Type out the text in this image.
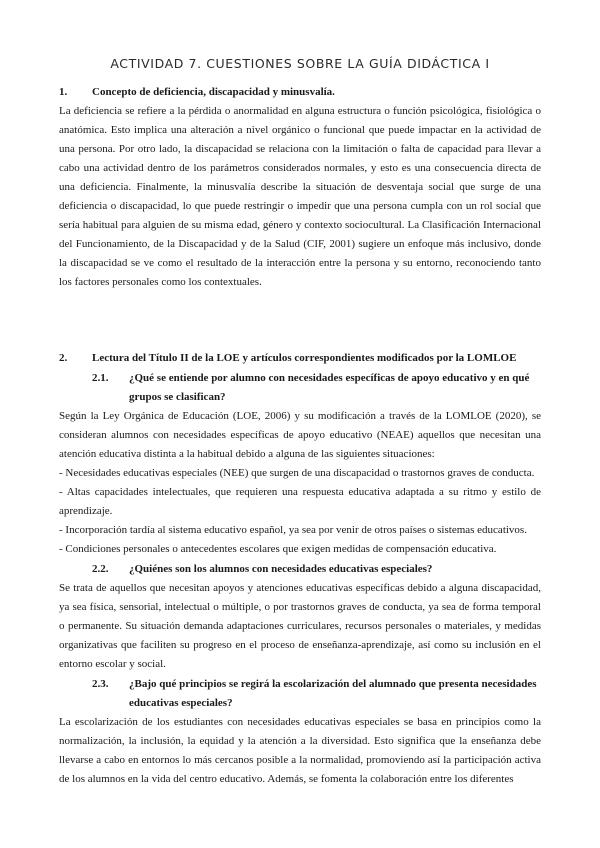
ACTIVIDAD 7. CUESTIONES SOBRE LA GUÍA DIDÁCTICA I
1.	Concepto de deficiencia, discapacidad y minusvalía.

La deficiencia se refiere a la pérdida o anormalidad en alguna estructura o función psicológica, fisiológica o anatómica. Esto implica una alteración a nivel orgánico o funcional que puede impactar en la actividad de una persona. Por otro lado, la discapacidad se relaciona con la limitación o falta de capacidad para llevar a cabo una actividad dentro de los parámetros considerados normales, y esto es una consecuencia directa de una deficiencia. Finalmente, la minusvalía describe la situación de desventaja social que surge de una deficiencia o discapacidad, lo que puede restringir o impedir que una persona cumpla con un rol social que sería habitual para alguien de su misma edad, género y contexto sociocultural. La Clasificación Internacional del Funcionamiento, de la Discapacidad y de la Salud (CIF, 2001) sugiere un enfoque más inclusivo, donde la discapacidad se ve como el resultado de la interacción entre la persona y su entorno, reconociendo tanto los factores personales como los contextuales.

2.	Lectura del Título II de la LOE y artículos correspondientes modificados por la LOMLOE
2.1.	¿Qué se entiende por alumno con necesidades específicas de apoyo educativo y en qué grupos se clasifican?

Según la Ley Orgánica de Educación (LOE, 2006) y su modificación a través de la LOMLOE (2020), se consideran alumnos con necesidades específicas de apoyo educativo (NEAE) aquellos que necesitan una atención educativa distinta a la habitual debido a alguna de las siguientes situaciones:

- Necesidades educativas especiales (NEE) que surgen de una discapacidad o trastornos graves de conducta.

- Altas capacidades intelectuales, que requieren una respuesta educativa adaptada a su ritmo y estilo de aprendizaje.

- Incorporación tardía al sistema educativo español, ya sea por venir de otros países o sistemas educativos.

- Condiciones personales o antecedentes escolares que exigen medidas de compensación educativa.

2.2.	¿Quiénes son los alumnos con necesidades educativas especiales?

Se trata de aquellos que necesitan apoyos y atenciones educativas específicas debido a alguna discapacidad, ya sea física, sensorial, intelectual o múltiple, o por trastornos graves de conducta, ya sea de forma temporal o permanente. Su situación demanda adaptaciones curriculares, recursos personales o materiales, y medidas organizativas que faciliten su progreso en el proceso de enseñanza-aprendizaje, así como su inclusión en el entorno escolar y social.

2.3.	¿Bajo qué principios se regirá la escolarización del alumnado que presenta necesidades educativas especiales?

La escolarización de los estudiantes con necesidades educativas especiales se basa en principios como la normalización, la inclusión, la equidad y la atención a la diversidad. Esto significa que la enseñanza debe llevarse a cabo en entornos lo más cercanos posible a la normalidad, promoviendo así la participación activa de los alumnos en la vida del centro educativo. Además, se fomenta la colaboración entre los diferentes
